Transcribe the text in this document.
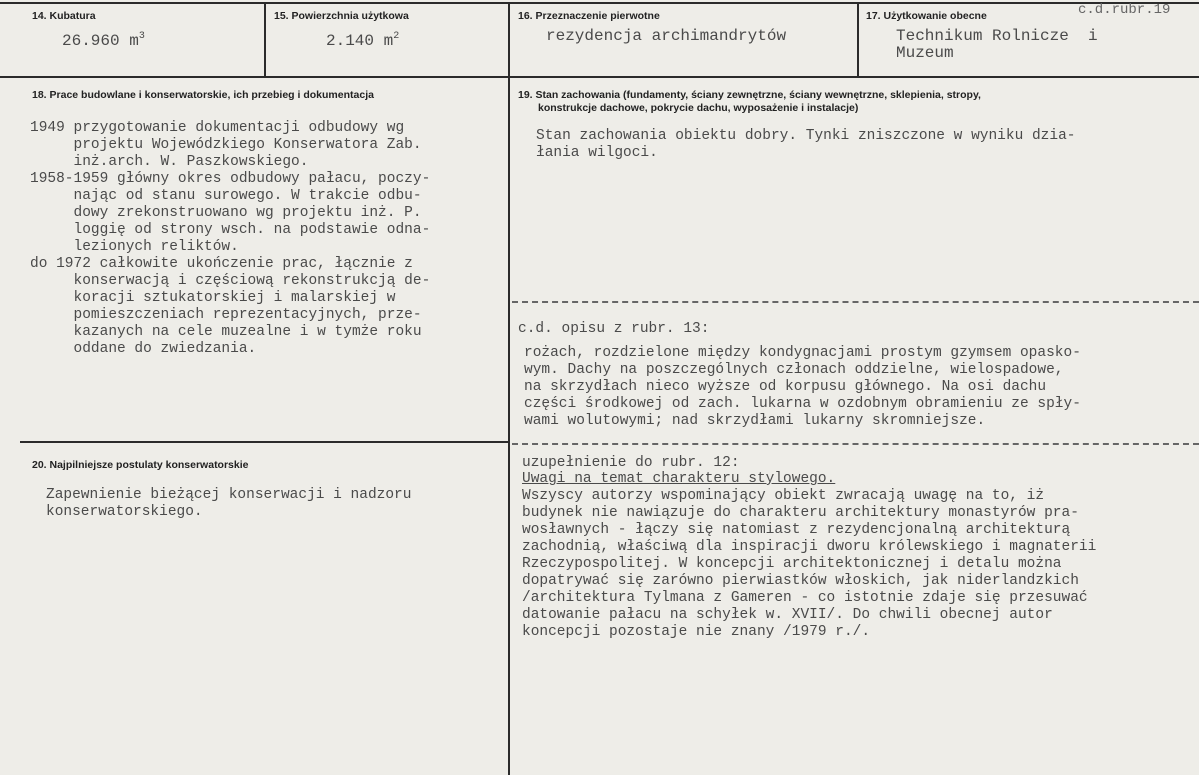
14. Kubatura
26.960 $m^3$
15. Powierzchnia użytkowa
2.140 $m^2$
16. Przeznaczenie pierwotne
rezydencja archimandrytów
17. Użytkowanie obecne	c.d.rubr.19
Technikum Rolnicze  i
Muzeum
18. Prace budowlane i konserwatorskie, ich przebieg i dokumentacja
1949 przygotowanie dokumentacji odbudowy wg
projektu Wojewódzkiego Konserwatora Zab.
inż.arch. W. Paszkowskiego.
1958-1959 główny okres odbudowy pałacu, poczy-
nając od stanu surowego. W trakcie odbu-
dowy zrekonstruowano wg projektu inż. P.
loggię od strony wsch. na podstawie odna-
lezionych reliktów.
do 1972 całkowite ukończenie prac, łącznie z
konserwacją i częściową rekonstrukcją de-
koracji sztukatorskiej i malarskiej w
pomieszczeniach reprezentacyjnych, prze-
kazanych na cele muzealne i w tymże roku
oddane do zwiedzania.
19. Stan zachowania (fundamenty, ściany zewnętrzne, ściany wewnętrzne, sklepienia, stropy,
konstrukcje dachowe, pokrycie dachu, wyposażenie i instalacje)
Stan zachowania obiektu dobry. Tynki zniszczone w wyniku dzia-
łania wilgoci.
c.d. opisu z rubr. 13:
rożach, rozdzielone między kondygnacjami prostym gzymsem opasko-
wym. Dachy na poszczególnych członach oddzielne, wielospadowe,
na skrzydłach nieco wyższe od korpusu głównego. Na osi dachu
części środkowej od zach. lukarna w ozdobnym obramieniu ze spły-
wami wolutowymi; nad skrzydłami lukarny skromniejsze.
20. Najpilniejsze postulaty konserwatorskie
Zapewnienie bieżącej konserwacji i nadzoru
konserwatorskiego.
uzupełnienie do rubr. 12:
Uwagi na temat charakteru stylowego.
Wszyscy autorzy wspominający obiekt zwracają uwagę na to, iż
budynek nie nawiązuje do charakteru architektury monastyrów pra-
wosławnych - łączy się natomiast z rezydencjonalną architekturą
zachodnią, właściwą dla inspiracji dworu królewskiego i magnaterii
Rzeczypospolitej. W koncepcji architektonicznej i detalu można
dopatrywać się zarówno pierwiastków włoskich, jak niderlandzkich
/architektura Tylmana z Gameren - co istotnie zdaje się przesuwać
datowanie pałacu na schyłek w. XVII/. Do chwili obecnej autor
koncepcji pozostaje nie znany /1979 r./.
